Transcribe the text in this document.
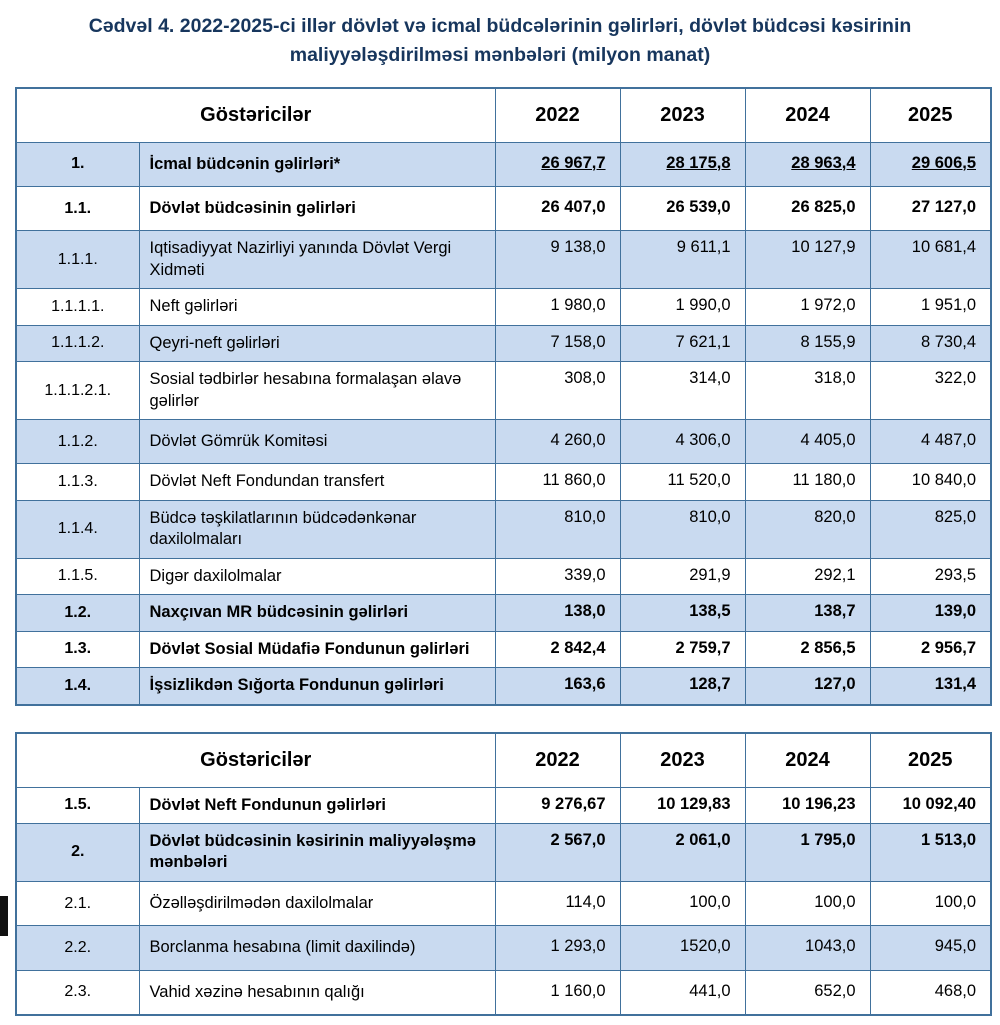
Cədvəl 4. 2022-2025-ci illər dövlət və icmal büdcələrinin gəlirləri, dövlət büdcəsi kəsirinin maliyyələşdirilməsi mənbələri (milyon manat)
Göstəricilər		2022	2023	2024	2025
1.	İcmal büdcənin gəlirləri*	26 967,7	28 175,8	28 963,4	29 606,5
1.1.	Dövlət büdcəsinin gəlirləri	26 407,0	26 539,0	26 825,0	27 127,0
1.1.1.	Iqtisadiyyat Nazirliyi yanında Dövlət Vergi Xidməti	9 138,0	9 611,1	10 127,9	10 681,4
1.1.1.1.	Neft gəlirləri	1 980,0	1 990,0	1 972,0	1 951,0
1.1.1.2.	Qeyri-neft gəlirləri	7 158,0	7 621,1	8 155,9	8 730,4
1.1.1.2.1.	Sosial tədbirlər hesabına formalaşan əlavə gəlirlər	308,0	314,0	318,0	322,0
1.1.2.	Dövlət Gömrük Komitəsi	4 260,0	4 306,0	4 405,0	4 487,0
1.1.3.	Dövlət Neft Fondundan transfert	11 860,0	11 520,0	11 180,0	10 840,0
1.1.4.	Büdcə təşkilatlarının büdcədənkənar daxilolmaları	810,0	810,0	820,0	825,0
1.1.5.	Digər daxilolmalar	339,0	291,9	292,1	293,5
1.2.	Naxçıvan MR büdcəsinin gəlirləri	138,0	138,5	138,7	139,0
1.3.	Dövlət Sosial Müdafiə Fondunun gəlirləri	2 842,4	2 759,7	2 856,5	2 956,7
1.4.	İşsizlikdən Sığorta Fondunun gəlirləri	163,6	128,7	127,0	131,4
Göstəricilər		2022	2023	2024	2025
1.5.	Dövlət Neft Fondunun gəlirləri	9 276,67	10 129,83	10 196,23	10 092,40
2.	Dövlət büdcəsinin kəsirinin maliyyələşmə mənbələri	2 567,0	2 061,0	1 795,0	1 513,0
2.1.	Özəlləşdirilmədən daxilolmalar	114,0	100,0	100,0	100,0
2.2.	Borclanma hesabına (limit daxilində)	1 293,0	1520,0	1043,0	945,0
2.3.	Vahid xəzinə hesabının qalığı	1 160,0	441,0	652,0	468,0
